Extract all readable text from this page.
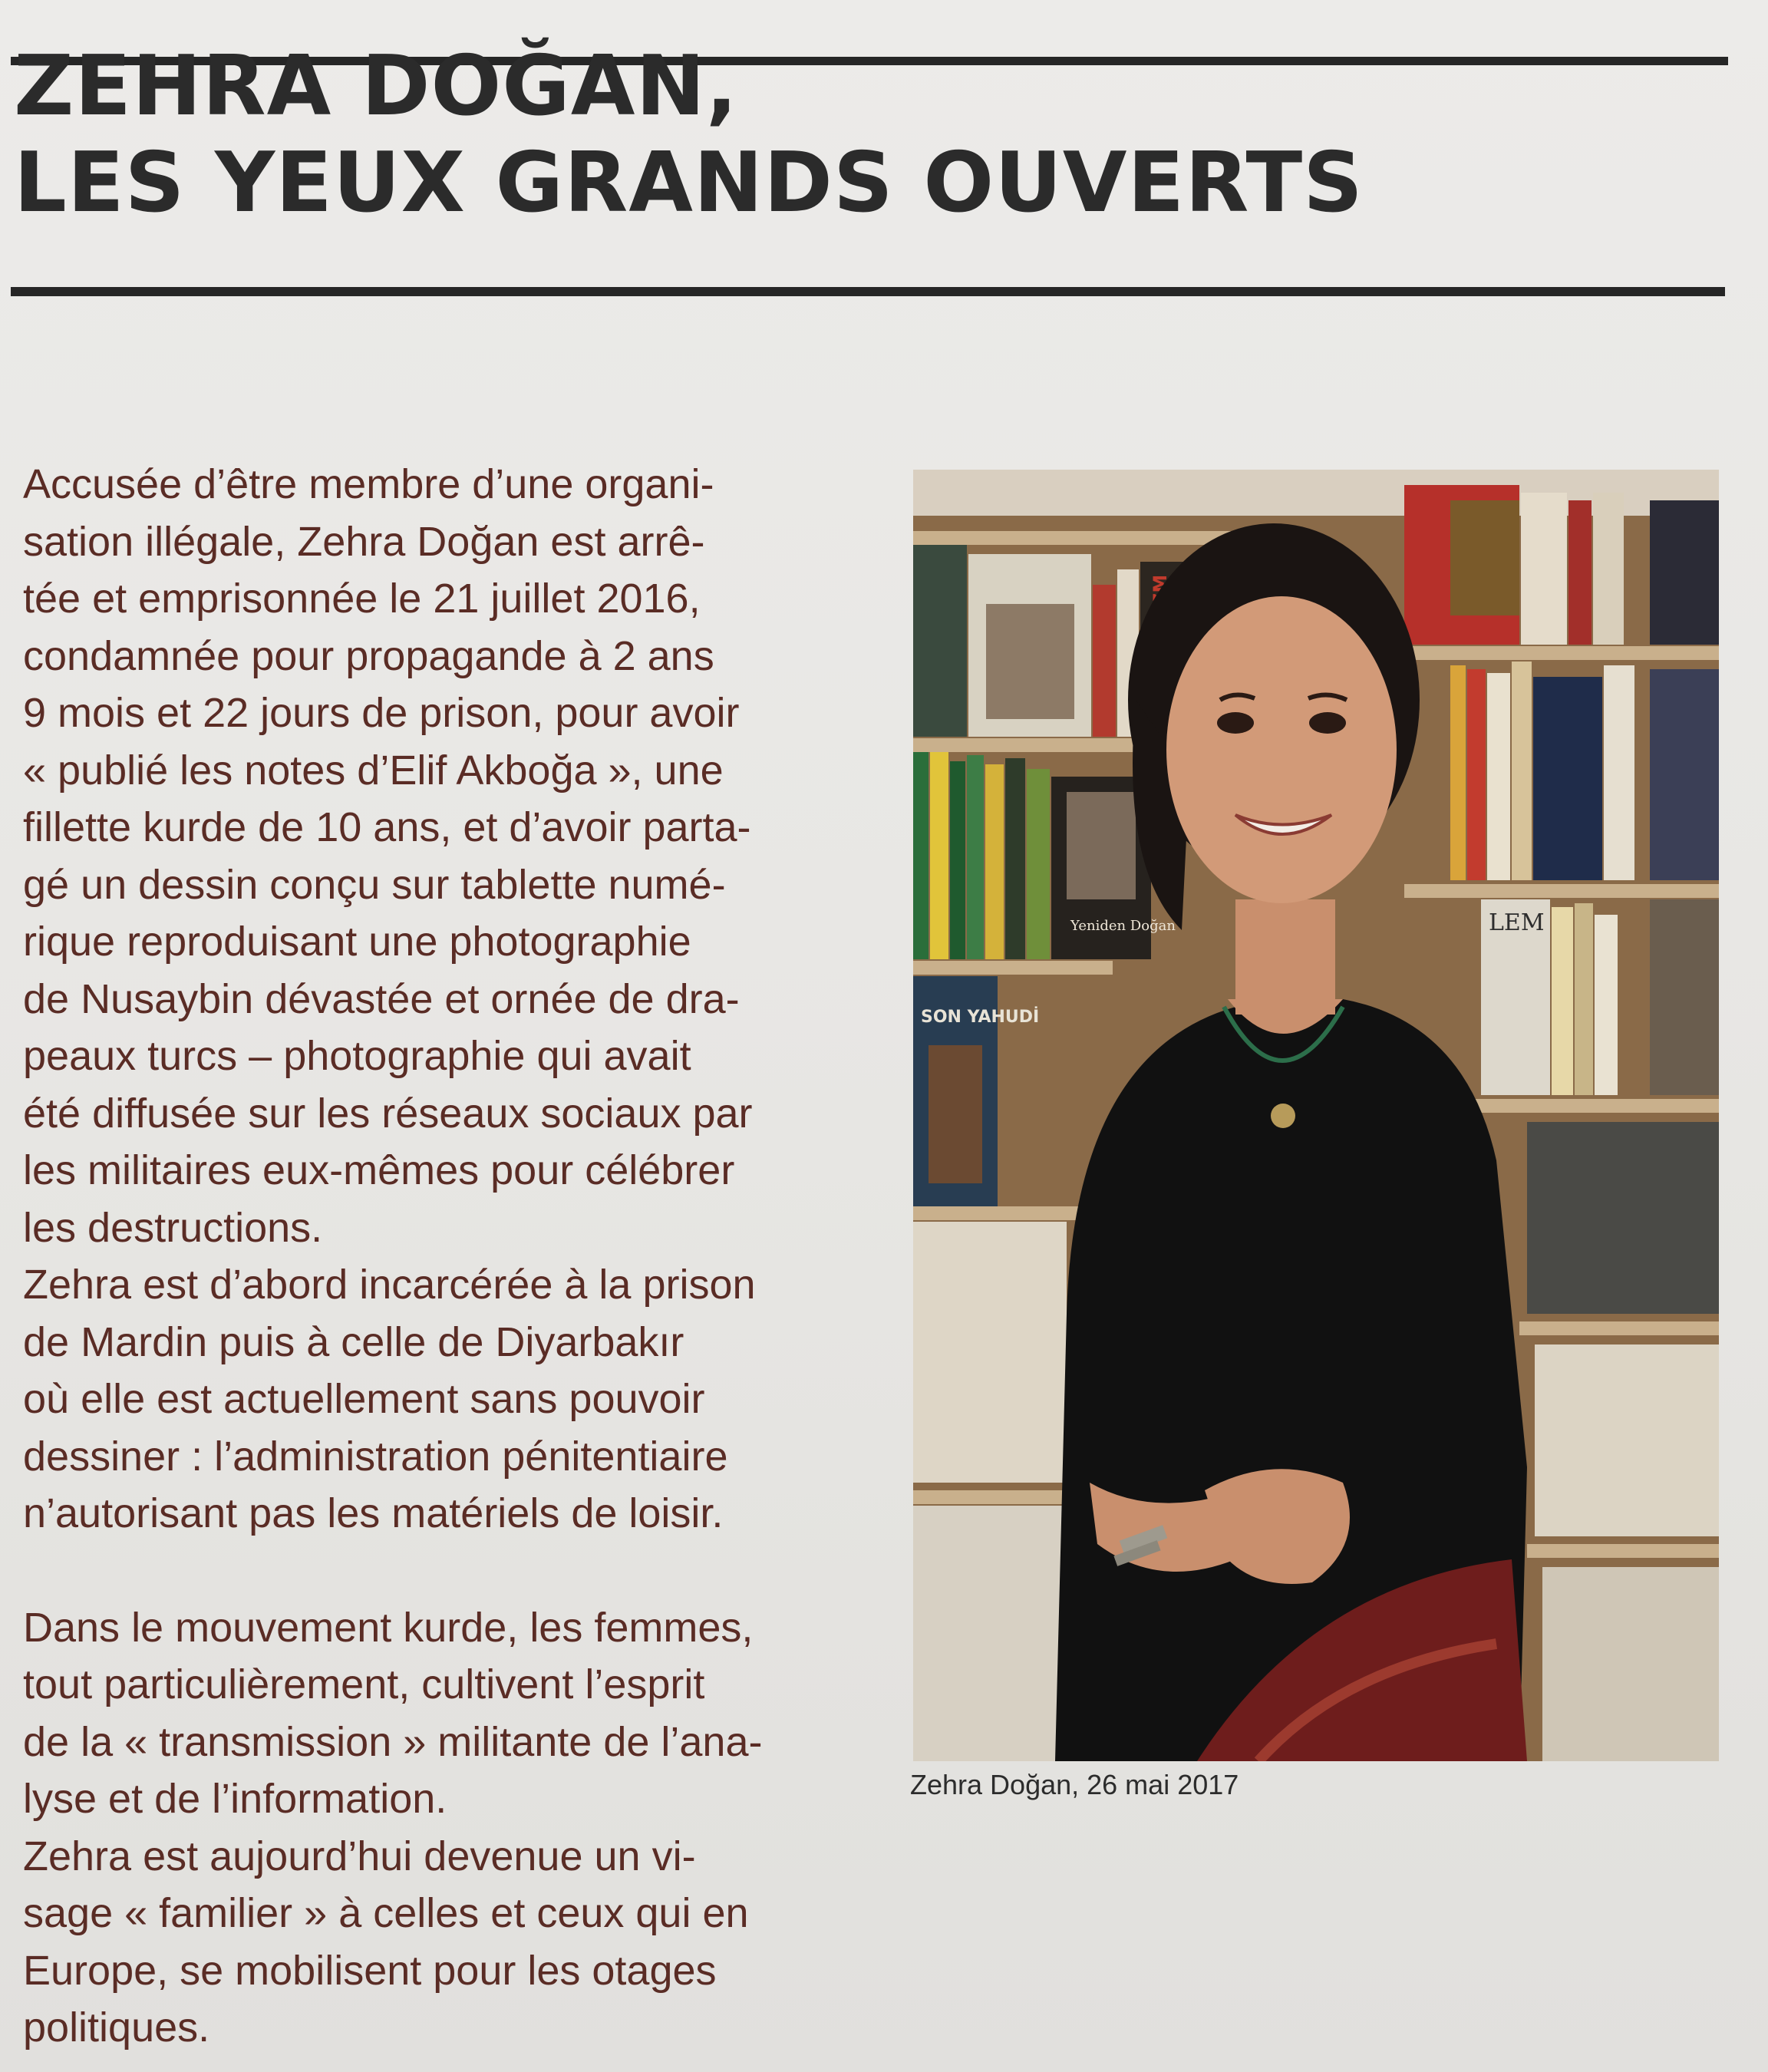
ZEHRA DOĞAN,
LES YEUX GRANDS OUVERTS

Accusée d’être membre d’une organi-
sation illégale, Zehra Doğan est arrê-
tée et emprisonnée le 21 juillet 2016,
condamnée pour propagande à 2 ans
9 mois et 22 jours de prison, pour avoir
« publié les notes d’Elif Akboğa », une
fillette kurde de 10 ans, et d’avoir parta-
gé un dessin conçu sur tablette numé-
rique reproduisant une photographie
de Nusaybin dévastée et ornée de dra-
peaux turcs – photographie qui avait
été diffusée sur les réseaux sociaux par
les militaires eux-mêmes pour célébrer
les destructions.

Zehra est d’abord incarcérée à la prison
de Mardin puis à celle de Diyarbakır
où elle est actuellement sans pouvoir
dessiner : l’administration pénitentiaire
n’autorisant pas les matériels de loisir.

Dans le mouvement kurde, les femmes,
tout particulièrement, cultivent l’esprit
de la « transmission » militante de l’ana-
lyse et de l’information.

Zehra est aujourd’hui devenue un vi-
sage « familier » à celles et ceux qui en
Europe, se mobilisent pour les otages
politiques.

Yeniden Doğan
SON YAHUDİ
LEM

Zehra Doğan, 26 mai 2017
